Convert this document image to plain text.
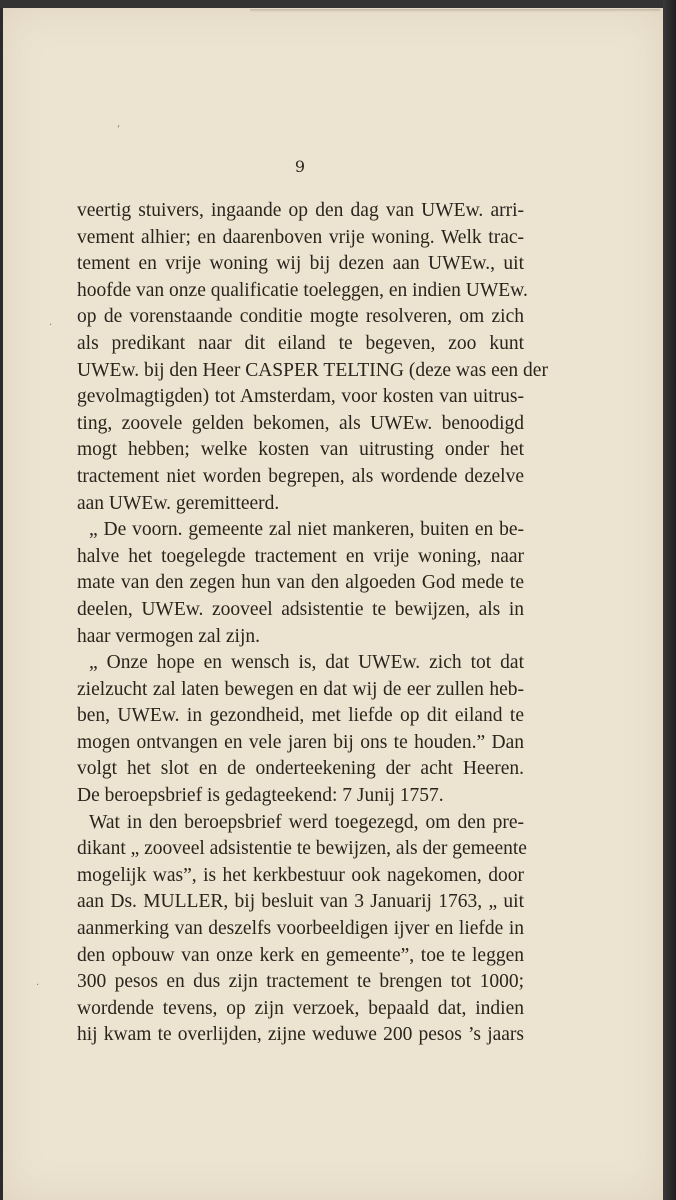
‘
·
·
9
veertig stuivers, ingaande op den dag van UWEw. arri-
vement alhier; en daarenboven vrije woning. Welk trac-
tement en vrije woning wij bij dezen aan UWEw., uit
hoofde van onze qualificatie toeleggen, en indien UWEw.
op de vorenstaande conditie mogte resolveren, om zich
als predikant naar dit eiland te begeven, zoo kunt
UWEw. bij den Heer CASPER TELTING (deze was een der
gevolmagtigden) tot Amsterdam, voor kosten van uitrus-
ting, zoovele gelden bekomen, als UWEw. benoodigd
mogt hebben; welke kosten van uitrusting onder het
tractement niet worden begrepen, als wordende dezelve
aan UWEw. geremitteerd.
„ De voorn. gemeente zal niet mankeren, buiten en be-
halve het toegelegde tractement en vrije woning, naar
mate van den zegen hun van den algoeden God mede te
deelen, UWEw. zooveel adsistentie te bewijzen, als in
haar vermogen zal zijn.
„ Onze hope en wensch is, dat UWEw. zich tot dat
zielzucht zal laten bewegen en dat wij de eer zullen heb-
ben, UWEw. in gezondheid, met liefde op dit eiland te
mogen ontvangen en vele jaren bij ons te houden.” Dan
volgt het slot en de onderteekening der acht Heeren.
De beroepsbrief is gedagteekend: 7 Junij 1757.
Wat in den beroepsbrief werd toegezegd, om den pre-
dikant „ zooveel adsistentie te bewijzen, als der gemeente
mogelijk was”, is het kerkbestuur ook nagekomen, door
aan Ds. MULLER, bij besluit van 3 Januarij 1763, „ uit
aanmerking van deszelfs voorbeeldigen ijver en liefde in
den opbouw van onze kerk en gemeente”, toe te leggen
300 pesos en dus zijn tractement te brengen tot 1000;
wordende tevens, op zijn verzoek, bepaald dat, indien
hij kwam te overlijden, zijne weduwe 200 pesos ’s jaars
